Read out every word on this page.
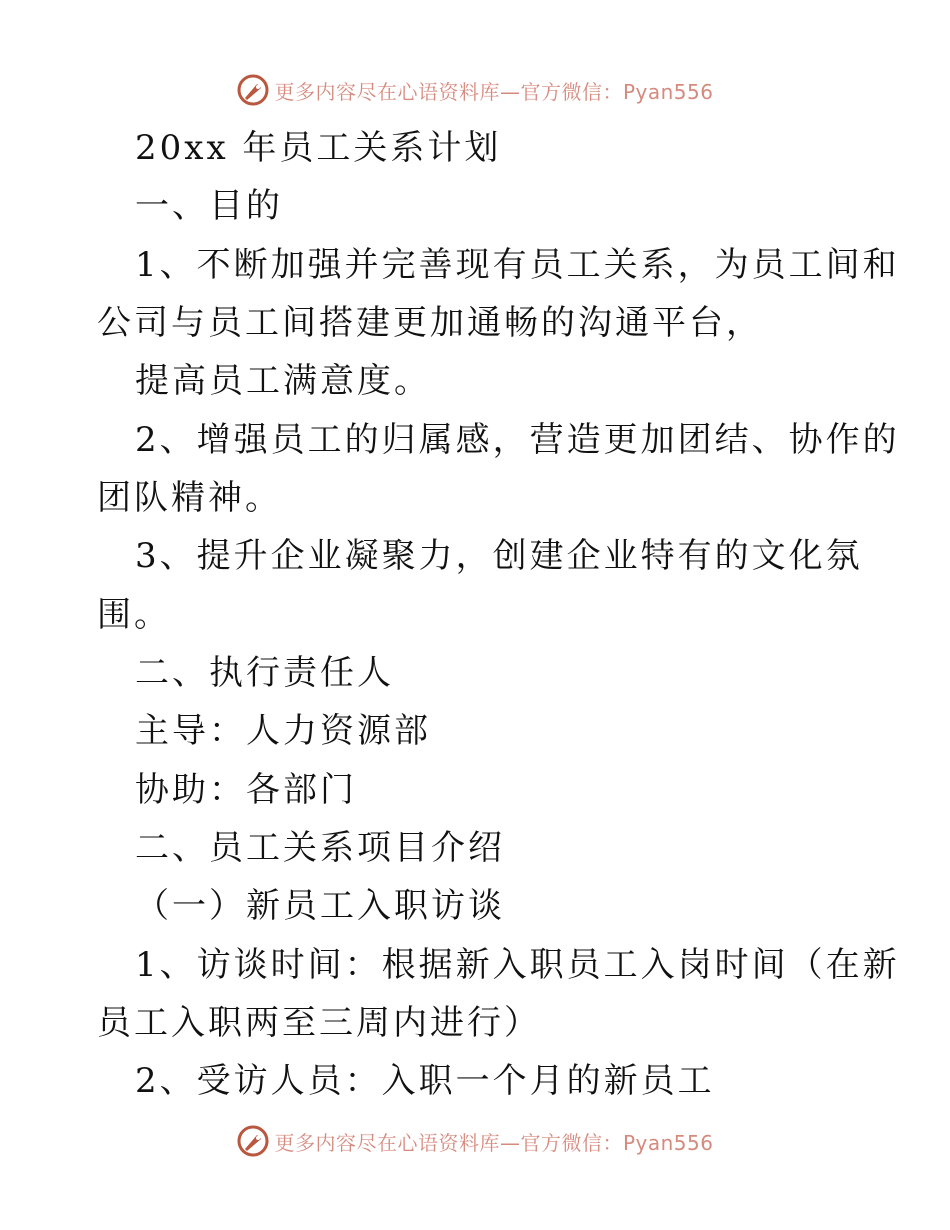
更多内容尽在心语资料库—官方微信：Pyan556
20xx 年员工关系计划
一、目的
1、不断加强并完善现有员工关系，为员工间和
公司与员工间搭建更加通畅的沟通平台，
提高员工满意度。
2、增强员工的归属感，营造更加团结、协作的
团队精神。
3、提升企业凝聚力，创建企业特有的文化氛
围。
二、执行责任人
主导：人力资源部
协助：各部门
二、员工关系项目介绍
（一）新员工入职访谈
1、访谈时间：根据新入职员工入岗时间（在新
员工入职两至三周内进行）
2、受访人员：入职一个月的新员工
更多内容尽在心语资料库—官方微信：Pyan556
